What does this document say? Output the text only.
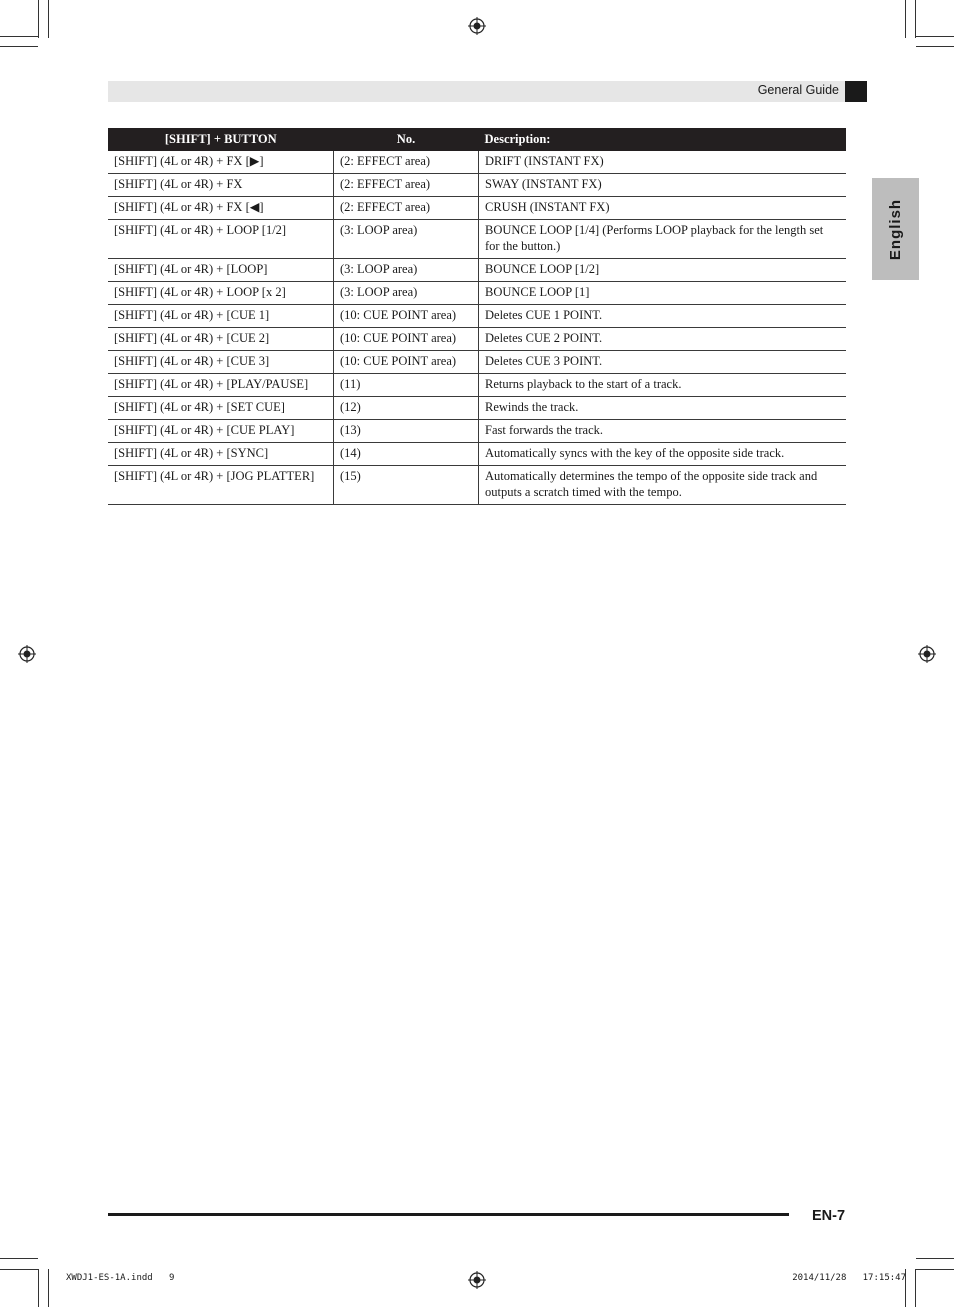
General Guide
English
[SHIFT] + BUTTON	No.	Description:
[SHIFT] (4L or 4R) + FX [▶]	(2: EFFECT area)	DRIFT (INSTANT FX)
[SHIFT] (4L or 4R) + FX	(2: EFFECT area)	SWAY (INSTANT FX)
[SHIFT] (4L or 4R) + FX [◀]	(2: EFFECT area)	CRUSH (INSTANT FX)
[SHIFT] (4L or 4R) + LOOP [1/2]	(3: LOOP area)	BOUNCE LOOP [1/4] (Performs LOOP playback for the length set for the button.)
[SHIFT] (4L or 4R) + [LOOP]	(3: LOOP area)	BOUNCE LOOP [1/2]
[SHIFT] (4L or 4R) + LOOP [x 2]	(3: LOOP area)	BOUNCE LOOP [1]
[SHIFT] (4L or 4R) + [CUE 1]	(10: CUE POINT area)	Deletes CUE 1 POINT.
[SHIFT] (4L or 4R) + [CUE 2]	(10: CUE POINT area)	Deletes CUE 2 POINT.
[SHIFT] (4L or 4R) + [CUE 3]	(10: CUE POINT area)	Deletes CUE 3 POINT.
[SHIFT] (4L or 4R) + [PLAY/PAUSE]	(11)	Returns playback to the start of a track.
[SHIFT] (4L or 4R) + [SET CUE]	(12)	Rewinds the track.
[SHIFT] (4L or 4R) + [CUE PLAY]	(13)	Fast forwards the track.
[SHIFT] (4L or 4R) + [SYNC]	(14)	Automatically syncs with the key of the opposite side track.
[SHIFT] (4L or 4R) + [JOG PLATTER]	(15)	Automatically determines the tempo of the opposite side track and outputs a scratch timed with the tempo.
EN-7
XWDJ1-ES-1A.indd   9	2014/11/28   17:15:47
